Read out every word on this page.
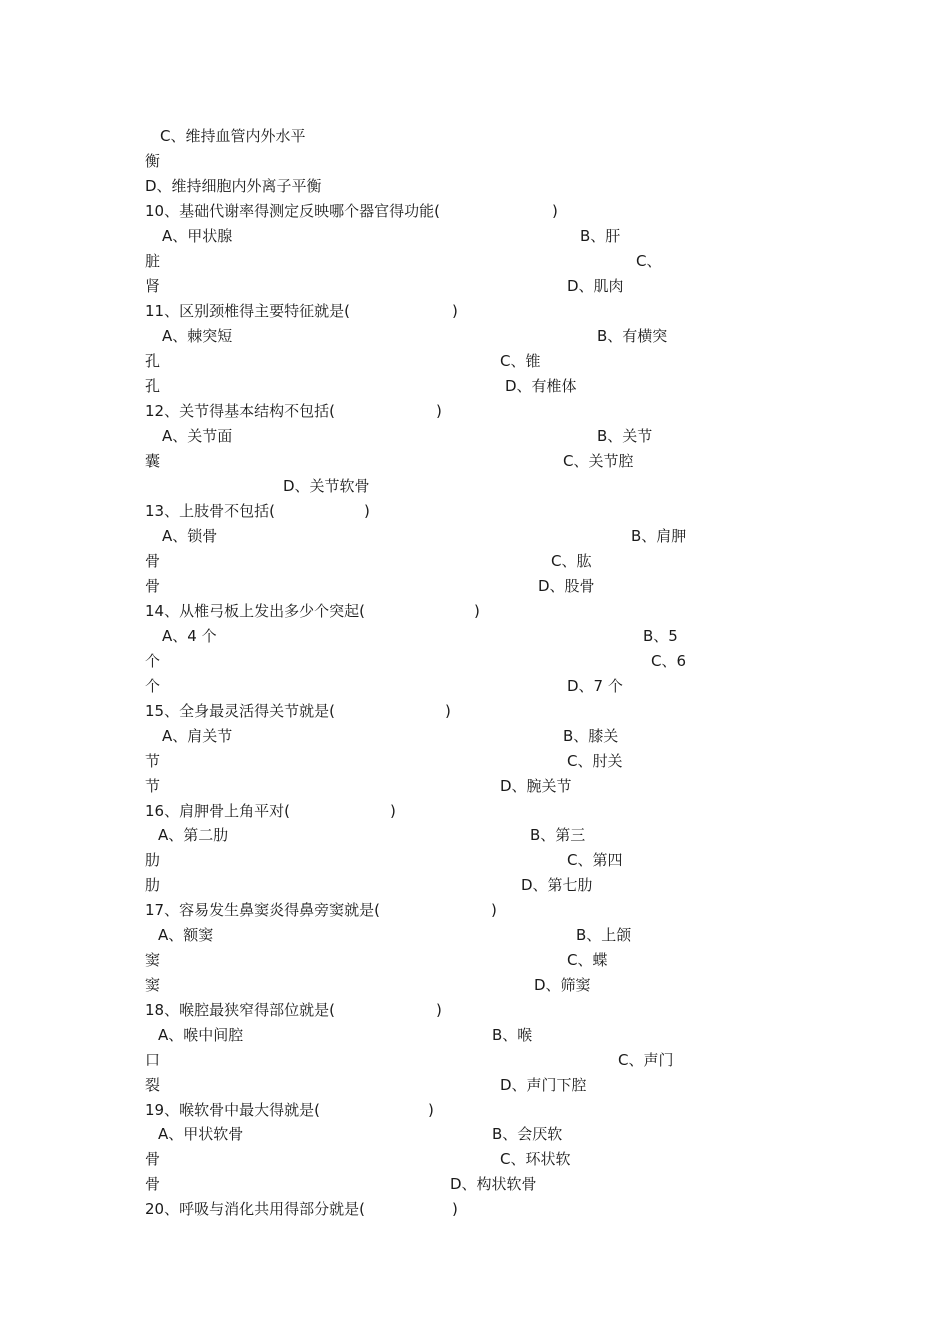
C、维持血管内外水平
衡
D、维持细胞内外离子平衡
10、基础代谢率得测定反映哪个器官得功能(	)
A、甲状腺	B、肝
脏	C、
肾	D、肌肉
11、区别颈椎得主要特征就是(	)
A、棘突短	B、有横突
孔	C、锥
孔	D、有椎体
12、关节得基本结构不包括(	)
A、关节面	B、关节
囊	C、关节腔
D、关节软骨
13、上肢骨不包括(	)
A、锁骨	B、肩胛
骨	C、肱
骨	D、股骨
14、从椎弓板上发出多少个突起(	)
A、4 个	B、5
个	C、6
个	D、7 个
15、全身最灵活得关节就是(	)
A、肩关节	B、膝关
节	C、肘关
节	D、腕关节
16、肩胛骨上角平对(	)
A、第二肋	B、第三
肋	C、第四
肋	D、第七肋
17、容易发生鼻窦炎得鼻旁窦就是(	)
A、额窦	B、上颌
窦	C、蝶
窦	D、筛窦
18、喉腔最狭窄得部位就是(	)
A、喉中间腔	B、喉
口	C、声门
裂	D、声门下腔
19、喉软骨中最大得就是(	)
A、甲状软骨	B、会厌软
骨	C、环状软
骨	D、构状软骨
20、呼吸与消化共用得部分就是(	)
